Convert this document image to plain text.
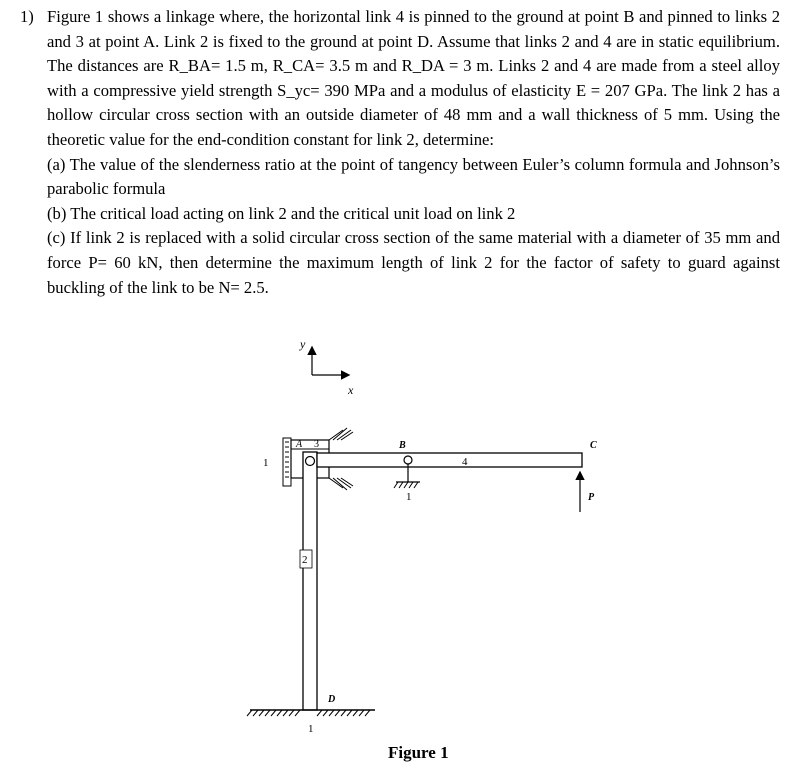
1) Figure 1 shows a linkage where, the horizontal link 4 is pinned to the ground at point B and pinned to links 2 and 3 at point A. Link 2 is fixed to the ground at point D. Assume that links 2 and 4 are in static equilibrium. The distances are R_BA= 1.5 m, R_CA= 3.5 m and R_DA = 3 m. Links 2 and 4 are made from a steel alloy with a compressive yield strength S_yc= 390 MPa and a modulus of elasticity E = 207 GPa. The link 2 has a hollow circular cross section with an outside diameter of 48 mm and a wall thickness of 5 mm. Using the theoretic value for the end-condition constant for link 2, determine:

(a) The value of the slenderness ratio at the point of tangency between Euler’s column formula and Johnson’s parabolic formula

(b) The critical load acting on link 2 and the critical unit load on link 2

(c) If link 2 is replaced with a solid circular cross section of the same material with a diameter of 35 mm and force P= 60 kN, then determine the maximum length of link 2 for the factor of safety to guard against buckling of the link to be N= 2.5.

y
x
1
A 3
2
4
B	C
1	P
D
1
Figure 1
